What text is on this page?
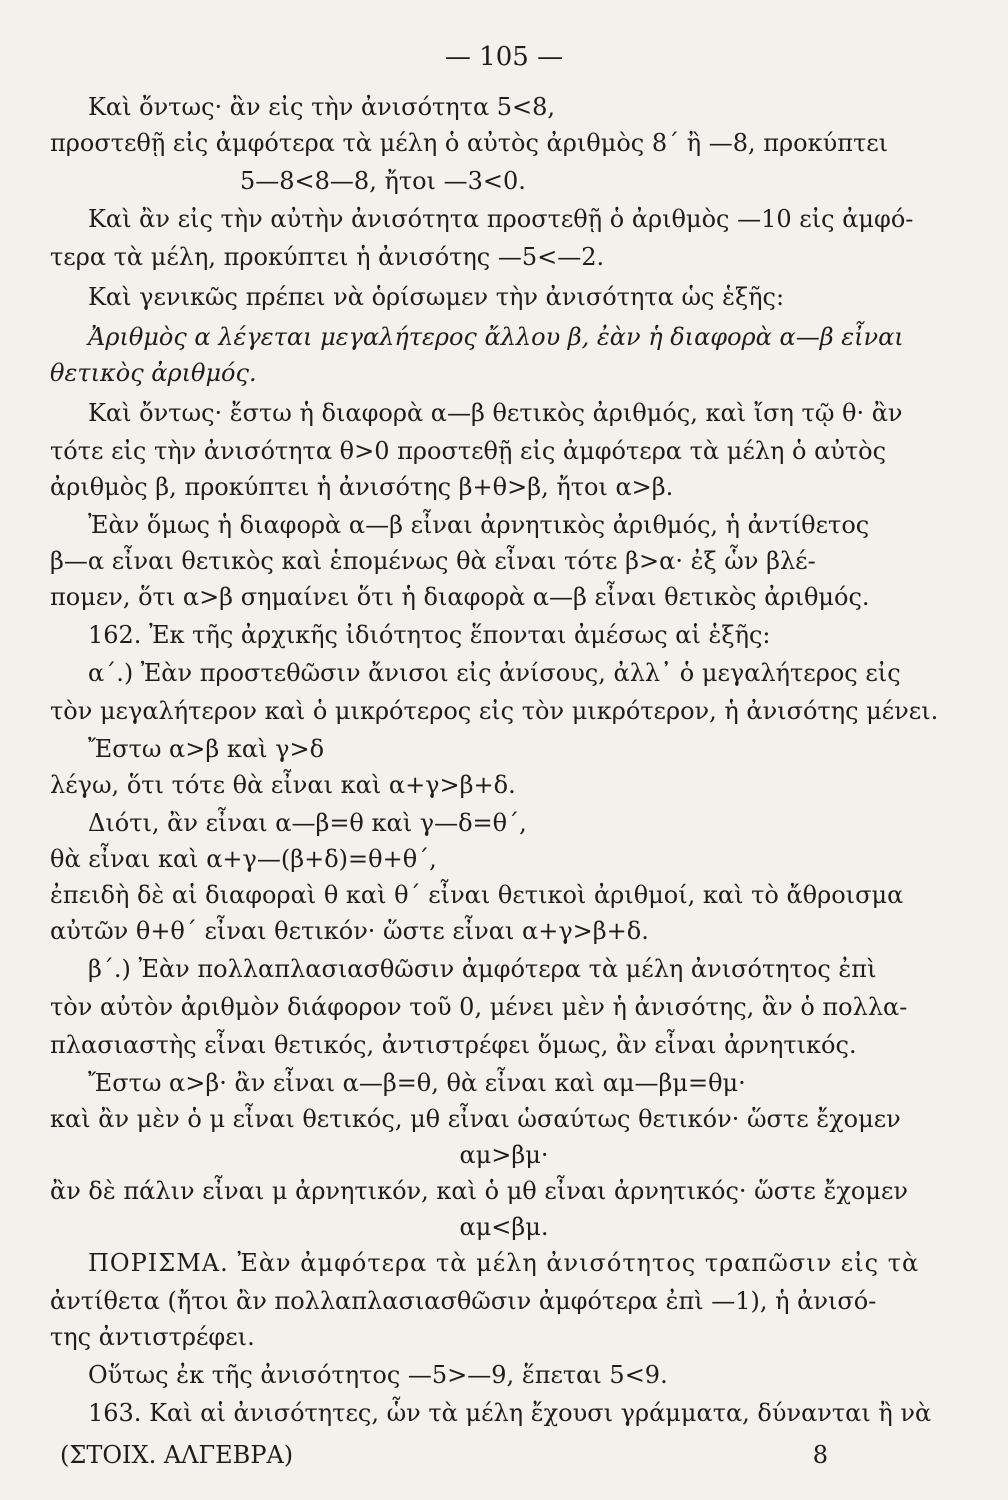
— 105 —
Καὶ ὄντως· ἂν εἰς τὴν ἀνισότητα 5<8,
προστεθῇ εἰς ἀμφότερα τὰ μέλη ὁ αὐτὸς ἀριθμὸς 8΄ ἢ —8, προκύπτει
5—8<8—8, ἤτοι —3<0.
Καὶ ἂν εἰς τὴν αὐτὴν ἀνισότητα προστεθῇ ὁ ἀριθμὸς —10 εἰς ἀμφό-
τερα τὰ μέλη, προκύπτει ἡ ἀνισότης —5<—2.
Καὶ γενικῶς πρέπει νὰ ὁρίσωμεν τὴν ἀνισότητα ὡς ἑξῆς:
Ἀριθμὸς α λέγεται μεγαλήτερος ἄλλου β, ἐὰν ἡ διαφορὰ α—β εἶναι
θετικὸς ἀριθμός.
Καὶ ὄντως· ἔστω ἡ διαφορὰ α—β θετικὸς ἀριθμός, καὶ ἴση τῷ θ· ἂν
τότε εἰς τὴν ἀνισότητα θ>0 προστεθῇ εἰς ἀμφότερα τὰ μέλη ὁ αὐτὸς
ἀριθμὸς β, προκύπτει ἡ ἀνισότης β+θ>β, ἤτοι α>β.
Ἐὰν ὅμως ἡ διαφορὰ α—β εἶναι ἀρνητικὸς ἀριθμός, ἡ ἀντίθετος
β—α εἶναι θετικὸς καὶ ἑπομένως θὰ εἶναι τότε β>α· ἐξ ὧν βλέ-
πομεν, ὅτι α>β σημαίνει ὅτι ἡ διαφορὰ α—β εἶναι θετικὸς ἀριθμός.
162. Ἐκ τῆς ἀρχικῆς ἰδιότητος ἕπονται ἀμέσως αἱ ἑξῆς:
α΄.) Ἐὰν προστεθῶσιν ἄνισοι εἰς ἀνίσους, ἀλλ᾽ ὁ μεγαλήτερος εἰς
τὸν μεγαλήτερον καὶ ὁ μικρότερος εἰς τὸν μικρότερον, ἡ ἀνισότης μένει.
Ἔστω α>β καὶ γ>δ
λέγω, ὅτι τότε θὰ εἶναι καὶ α+γ>β+δ.
Διότι, ἂν εἶναι α—β=θ καὶ γ—δ=θ΄,
θὰ εἶναι καὶ α+γ—(β+δ)=θ+θ΄,
ἐπειδὴ δὲ αἱ διαφοραὶ θ καὶ θ΄ εἶναι θετικοὶ ἀριθμοί, καὶ τὸ ἄθροισμα
αὐτῶν θ+θ΄ εἶναι θετικόν· ὥστε εἶναι α+γ>β+δ.
β΄.) Ἐὰν πολλαπλασιασθῶσιν ἀμφότερα τὰ μέλη ἀνισότητος ἐπὶ
τὸν αὐτὸν ἀριθμὸν διάφορον τοῦ 0, μένει μὲν ἡ ἀνισότης, ἂν ὁ πολλα-
πλασιαστὴς εἶναι θετικός, ἀντιστρέφει ὅμως, ἂν εἶναι ἀρνητικός.
Ἔστω α>β· ἂν εἶναι α—β=θ, θὰ εἶναι καὶ αμ—βμ=θμ·
καὶ ἂν μὲν ὁ μ εἶναι θετικός, μθ εἶναι ὡσαύτως θετικόν· ὥστε ἔχομεν
αμ>βμ·
ἂν δὲ πάλιν εἶναι μ ἀρνητικόν, καὶ ὁ μθ εἶναι ἀρνητικός· ὥστε ἔχομεν
αμ<βμ.
ΠΟΡΙΣΜΑ. Ἐὰν ἀμφότερα τὰ μέλη ἀνισότητος τραπῶσιν εἰς τὰ
ἀντίθετα (ἤτοι ἂν πολλαπλασιασθῶσιν ἀμφότερα ἐπὶ —1), ἡ ἀνισό-
της ἀντιστρέφει.
Οὕτως ἐκ τῆς ἀνισότητος —5>—9, ἕπεται 5<9.
163. Καὶ αἱ ἀνισότητες, ὧν τὰ μέλη ἔχουσι γράμματα, δύνανται ἢ νὰ
(ΣΤΟΙΧ. ΑΛΓΕΒΡΑ)	8
